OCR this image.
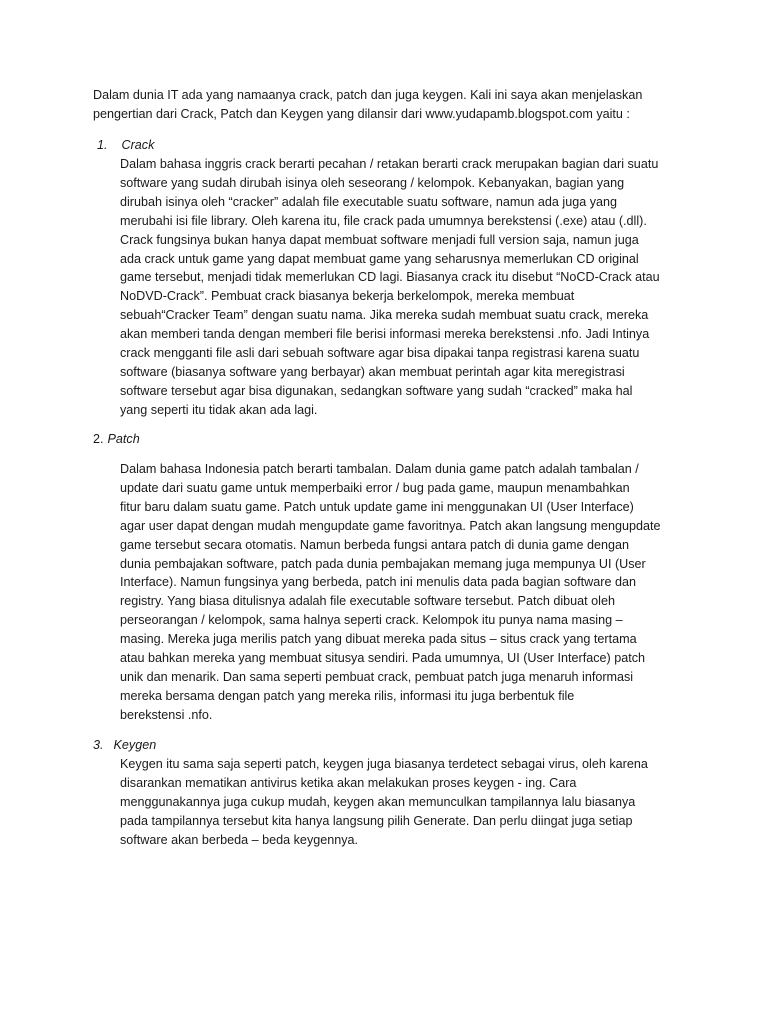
Dalam dunia IT ada yang namaanya crack, patch dan juga keygen. Kali ini saya akan menjelaskan
pengertian dari Crack, Patch dan Keygen yang dilansir dari www.yudapamb.blogspot.com yaitu :

1. Crack

Dalam bahasa inggris crack berarti pecahan / retakan berarti crack merupakan bagian dari suatu
software yang sudah dirubah isinya oleh seseorang / kelompok. Kebanyakan, bagian yang
dirubah isinya oleh “cracker” adalah file executable suatu software, namun ada juga yang
merubahi isi file library. Oleh karena itu, file crack pada umumnya berekstensi (.exe) atau (.dll).
Crack fungsinya bukan hanya dapat membuat software menjadi full version saja, namun juga
ada crack untuk game yang dapat membuat game yang seharusnya memerlukan CD original
game tersebut, menjadi tidak memerlukan CD lagi. Biasanya crack itu disebut “NoCD-Crack atau
NoDVD-Crack”. Pembuat crack biasanya bekerja berkelompok, mereka membuat
sebuah“Cracker Team” dengan suatu nama. Jika mereka sudah membuat suatu crack, mereka
akan memberi tanda dengan memberi file berisi informasi mereka berekstensi .nfo. Jadi Intinya
crack mengganti file asli dari sebuah software agar bisa dipakai tanpa registrasi karena suatu
software (biasanya software yang berbayar) akan membuat perintah agar kita meregistrasi
software tersebut agar bisa digunakan, sedangkan software yang sudah “cracked” maka hal
yang seperti itu tidak akan ada lagi.

2. Patch

Dalam bahasa Indonesia patch berarti tambalan. Dalam dunia game patch adalah tambalan /
update dari suatu game untuk memperbaiki error / bug pada game, maupun menambahkan
fitur baru dalam suatu game. Patch untuk update game ini menggunakan UI (User Interface)
agar user dapat dengan mudah mengupdate game favoritnya. Patch akan langsung mengupdate
game tersebut secara otomatis. Namun berbeda fungsi antara patch di dunia game dengan
dunia pembajakan software, patch pada dunia pembajakan memang juga mempunya UI (User
Interface). Namun fungsinya yang berbeda, patch ini menulis data pada bagian software dan
registry. Yang biasa ditulisnya adalah file executable software tersebut. Patch dibuat oleh
perseorangan / kelompok, sama halnya seperti crack. Kelompok itu punya nama masing –
masing. Mereka juga merilis patch yang dibuat mereka pada situs – situs crack yang tertama
atau bahkan mereka yang membuat situsya sendiri. Pada umumnya, UI (User Interface) patch
unik dan menarik. Dan sama seperti pembuat crack, pembuat patch juga menaruh informasi
mereka bersama dengan patch yang mereka rilis, informasi itu juga berbentuk file
berekstensi .nfo.

3. Keygen

Keygen itu sama saja seperti patch, keygen juga biasanya terdetect sebagai virus, oleh karena
disarankan mematikan antivirus ketika akan melakukan proses keygen - ing. Cara
menggunakannya juga cukup mudah, keygen akan memunculkan tampilannya lalu biasanya
pada tampilannya tersebut kita hanya langsung pilih Generate. Dan perlu diingat juga setiap
software akan berbeda – beda keygennya.
